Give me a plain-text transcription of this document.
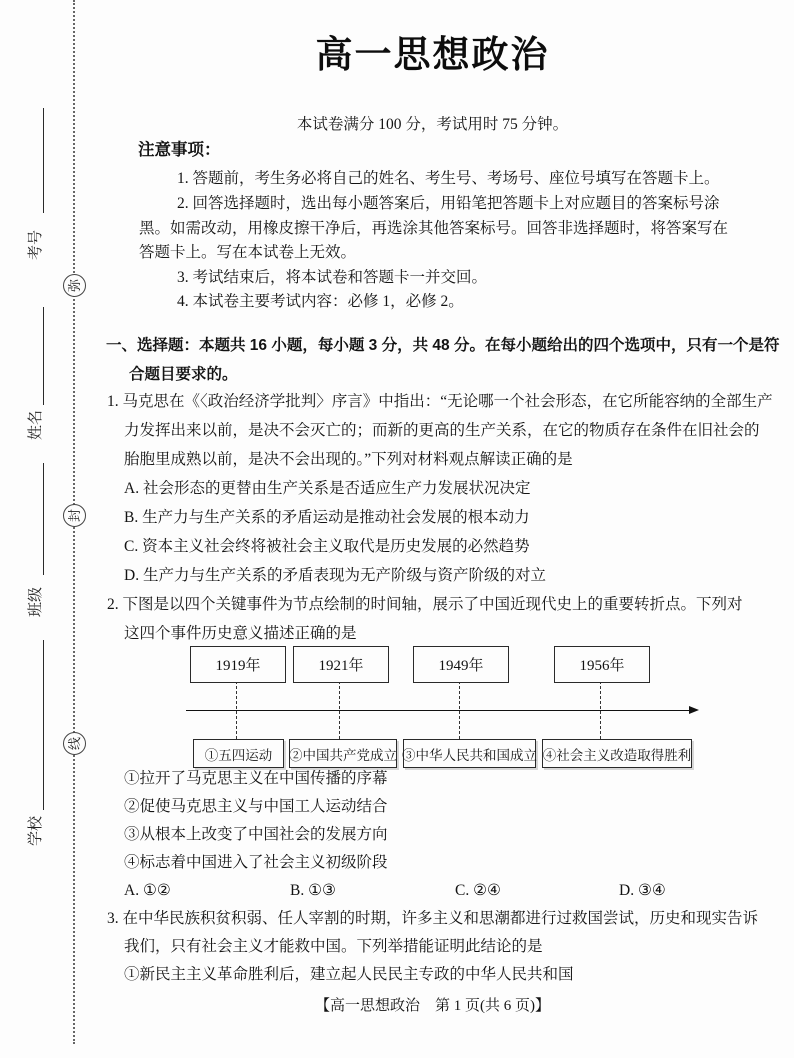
考号
弥
姓名
封
班级
线
学校
高一思想政治
本试卷满分 100 分，考试用时 75 分钟。
注意事项：
1. 答题前，考生务必将自己的姓名、考生号、考场号、座位号填写在答题卡上。
2. 回答选择题时，选出每小题答案后，用铅笔把答题卡上对应题目的答案标号涂
黑。如需改动，用橡皮擦干净后，再选涂其他答案标号。回答非选择题时，将答案写在
答题卡上。写在本试卷上无效。
3. 考试结束后，将本试卷和答题卡一并交回。
4. 本试卷主要考试内容：必修 1，必修 2。
一、选择题：本题共 16 小题，每小题 3 分，共 48 分。在每小题给出的四个选项中，只有一个是符
合题目要求的。
1. 马克思在《〈政治经济学批判〉序言》中指出：“无论哪一个社会形态，在它所能容纳的全部生产
力发挥出来以前，是决不会灭亡的；而新的更高的生产关系，在它的物质存在条件在旧社会的
胎胞里成熟以前，是决不会出现的。”下列对材料观点解读正确的是
A. 社会形态的更替由生产关系是否适应生产力发展状况决定
B. 生产力与生产关系的矛盾运动是推动社会发展的根本动力
C. 资本主义社会终将被社会主义取代是历史发展的必然趋势
D. 生产力与生产关系的矛盾表现为无产阶级与资产阶级的对立
2. 下图是以四个关键事件为节点绘制的时间轴，展示了中国近现代史上的重要转折点。下列对
这四个事件历史意义描述正确的是
1919年	1921年	1949年	1956年
①五四运动	②中国共产党成立 ③中华人民共和国成立 ④社会主义改造取得胜利
①拉开了马克思主义在中国传播的序幕
②促使马克思主义与中国工人运动结合
③从根本上改变了中国社会的发展方向
④标志着中国进入了社会主义初级阶段
A. ①②	B. ①③	C. ②④	D. ③④
3. 在中华民族积贫积弱、任人宰割的时期，许多主义和思潮都进行过救国尝试，历史和现实告诉
我们，只有社会主义才能救中国。下列举措能证明此结论的是
①新民主主义革命胜利后，建立起人民民主专政的中华人民共和国
【高一思想政治　第 1 页(共 6 页)】
